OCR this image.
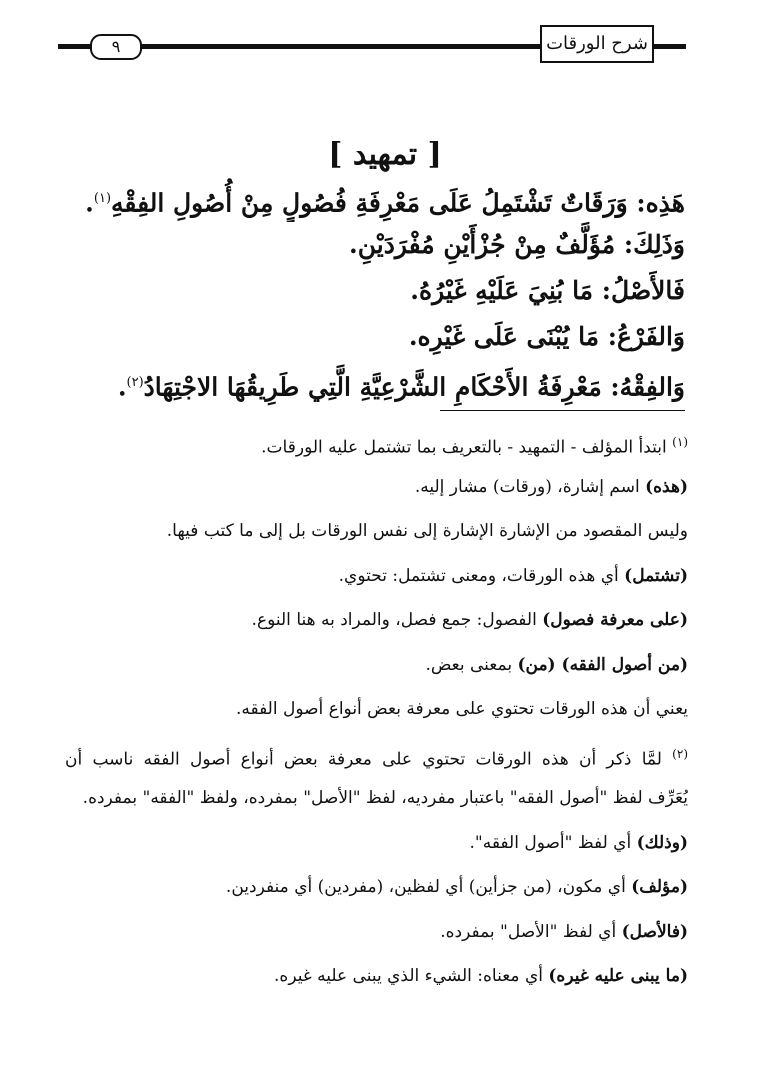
٩	شرح الورقات
[ تمهيد ]
هَذِه: وَرَقَاتٌ تَشْتَمِلُ عَلَى مَعْرِفَةِ فُصُولٍ مِنْ أُصُولِ الفِقْهِ$^{(١)}$.
وَذَلِكَ: مُؤَلَّفٌ مِنْ جُزْأَيْنِ مُفْرَدَيْنِ.
فَالأَصْلُ: مَا بُنِيَ عَلَيْهِ غَيْرُهُ.
وَالفَرْعُ: مَا يُبْنَى عَلَى غَيْرِه.
وَالفِقْهُ: مَعْرِفَةُ الأَحْكَامِ الشَّرْعِيَّةِ الَّتِي طَرِيقُهَا الاجْتِهَادُ$^{(٢)}$.
$^{(١)}$ ابتدأ المؤلف - التمهيد - بالتعريف بما تشتمل عليه الورقات.
(هذه) اسم إشارة، (ورقات) مشار إليه.
وليس المقصود من الإشارة الإشارة إلى نفس الورقات بل إلى ما كتب فيها.
(تشتمل) أي هذه الورقات، ومعنى تشتمل: تحتوي.
(على معرفة فصول) الفصول: جمع فصل، والمراد به هنا النوع.
(من أصول الفقه) (من) بمعنى بعض.
يعني أن هذه الورقات تحتوي على معرفة بعض أنواع أصول الفقه.
$^{(٢)}$ لمَّا ذكر أن هذه الورقات تحتوي على معرفة بعض أنواع أصول الفقه ناسب أن
يُعَرِّف لفظ "أصول الفقه" باعتبار مفرديه، لفظ "الأصل" بمفرده، ولفظ "الفقه" بمفرده.
(وذلك) أي لفظ "أصول الفقه".
(مؤلف) أي مكون، (من جزأين) أي لفظين، (مفردين) أي منفردين.
(فالأصل) أي لفظ "الأصل" بمفرده.
(ما يبنى عليه غيره) أي معناه: الشيء الذي يبنى عليه غيره.
